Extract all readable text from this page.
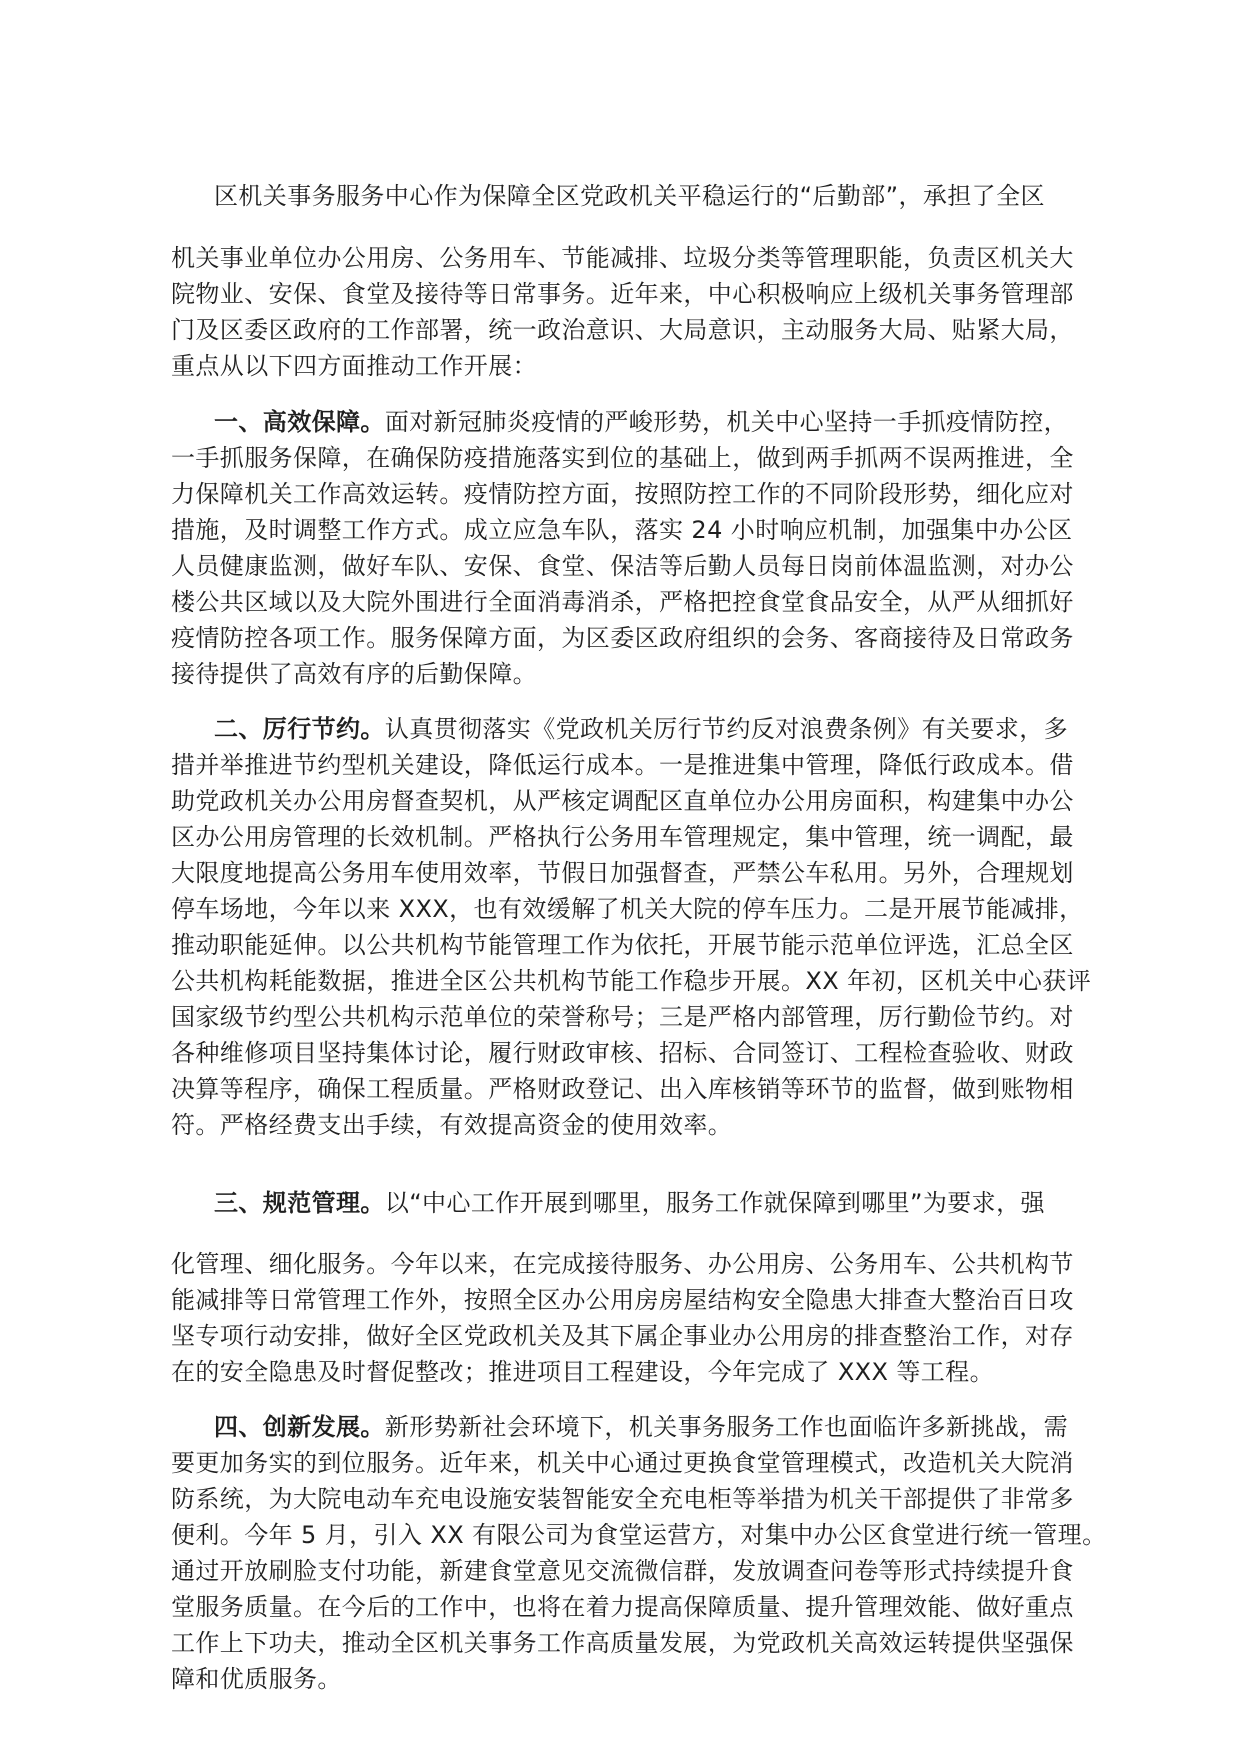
区机关事务服务中心作为保障全区党政机关平稳运行的“后勤部”，承担了全区
机关事业单位办公用房、公务用车、节能减排、垃圾分类等管理职能，负责区机关大
院物业、安保、食堂及接待等日常事务。近年来，中心积极响应上级机关事务管理部
门及区委区政府的工作部署，统一政治意识、大局意识，主动服务大局、贴紧大局，
重点从以下四方面推动工作开展：
一、高效保障。面对新冠肺炎疫情的严峻形势，机关中心坚持一手抓疫情防控，
一手抓服务保障，在确保防疫措施落实到位的基础上，做到两手抓两不误两推进，全
力保障机关工作高效运转。疫情防控方面，按照防控工作的不同阶段形势，细化应对
措施，及时调整工作方式。成立应急车队，落实 24 小时响应机制，加强集中办公区
人员健康监测，做好车队、安保、食堂、保洁等后勤人员每日岗前体温监测，对办公
楼公共区域以及大院外围进行全面消毒消杀，严格把控食堂食品安全，从严从细抓好
疫情防控各项工作。服务保障方面，为区委区政府组织的会务、客商接待及日常政务
接待提供了高效有序的后勤保障。
二、厉行节约。认真贯彻落实《党政机关厉行节约反对浪费条例》有关要求，多
措并举推进节约型机关建设，降低运行成本。一是推进集中管理，降低行政成本。借
助党政机关办公用房督查契机，从严核定调配区直单位办公用房面积，构建集中办公
区办公用房管理的长效机制。严格执行公务用车管理规定，集中管理，统一调配，最
大限度地提高公务用车使用效率，节假日加强督查，严禁公车私用。另外，合理规划
停车场地，今年以来 XXX，也有效缓解了机关大院的停车压力。二是开展节能减排，
推动职能延伸。以公共机构节能管理工作为依托，开展节能示范单位评选，汇总全区
公共机构耗能数据，推进全区公共机构节能工作稳步开展。XX 年初，区机关中心获评
国家级节约型公共机构示范单位的荣誉称号；三是严格内部管理，厉行勤俭节约。对
各种维修项目坚持集体讨论，履行财政审核、招标、合同签订、工程检查验收、财政
决算等程序，确保工程质量。严格财政登记、出入库核销等环节的监督，做到账物相
符。严格经费支出手续，有效提高资金的使用效率。
三、规范管理。以“中心工作开展到哪里，服务工作就保障到哪里”为要求，强
化管理、细化服务。今年以来，在完成接待服务、办公用房、公务用车、公共机构节
能减排等日常管理工作外，按照全区办公用房房屋结构安全隐患大排查大整治百日攻
坚专项行动安排，做好全区党政机关及其下属企事业办公用房的排查整治工作，对存
在的安全隐患及时督促整改；推进项目工程建设，今年完成了 XXX 等工程。
四、创新发展。新形势新社会环境下，机关事务服务工作也面临许多新挑战，需
要更加务实的到位服务。近年来，机关中心通过更换食堂管理模式，改造机关大院消
防系统，为大院电动车充电设施安装智能安全充电柜等举措为机关干部提供了非常多
便利。今年 5 月，引入 XX 有限公司为食堂运营方，对集中办公区食堂进行统一管理。
通过开放刷脸支付功能，新建食堂意见交流微信群，发放调查问卷等形式持续提升食
堂服务质量。在今后的工作中，也将在着力提高保障质量、提升管理效能、做好重点
工作上下功夫，推动全区机关事务工作高质量发展，为党政机关高效运转提供坚强保
障和优质服务。
